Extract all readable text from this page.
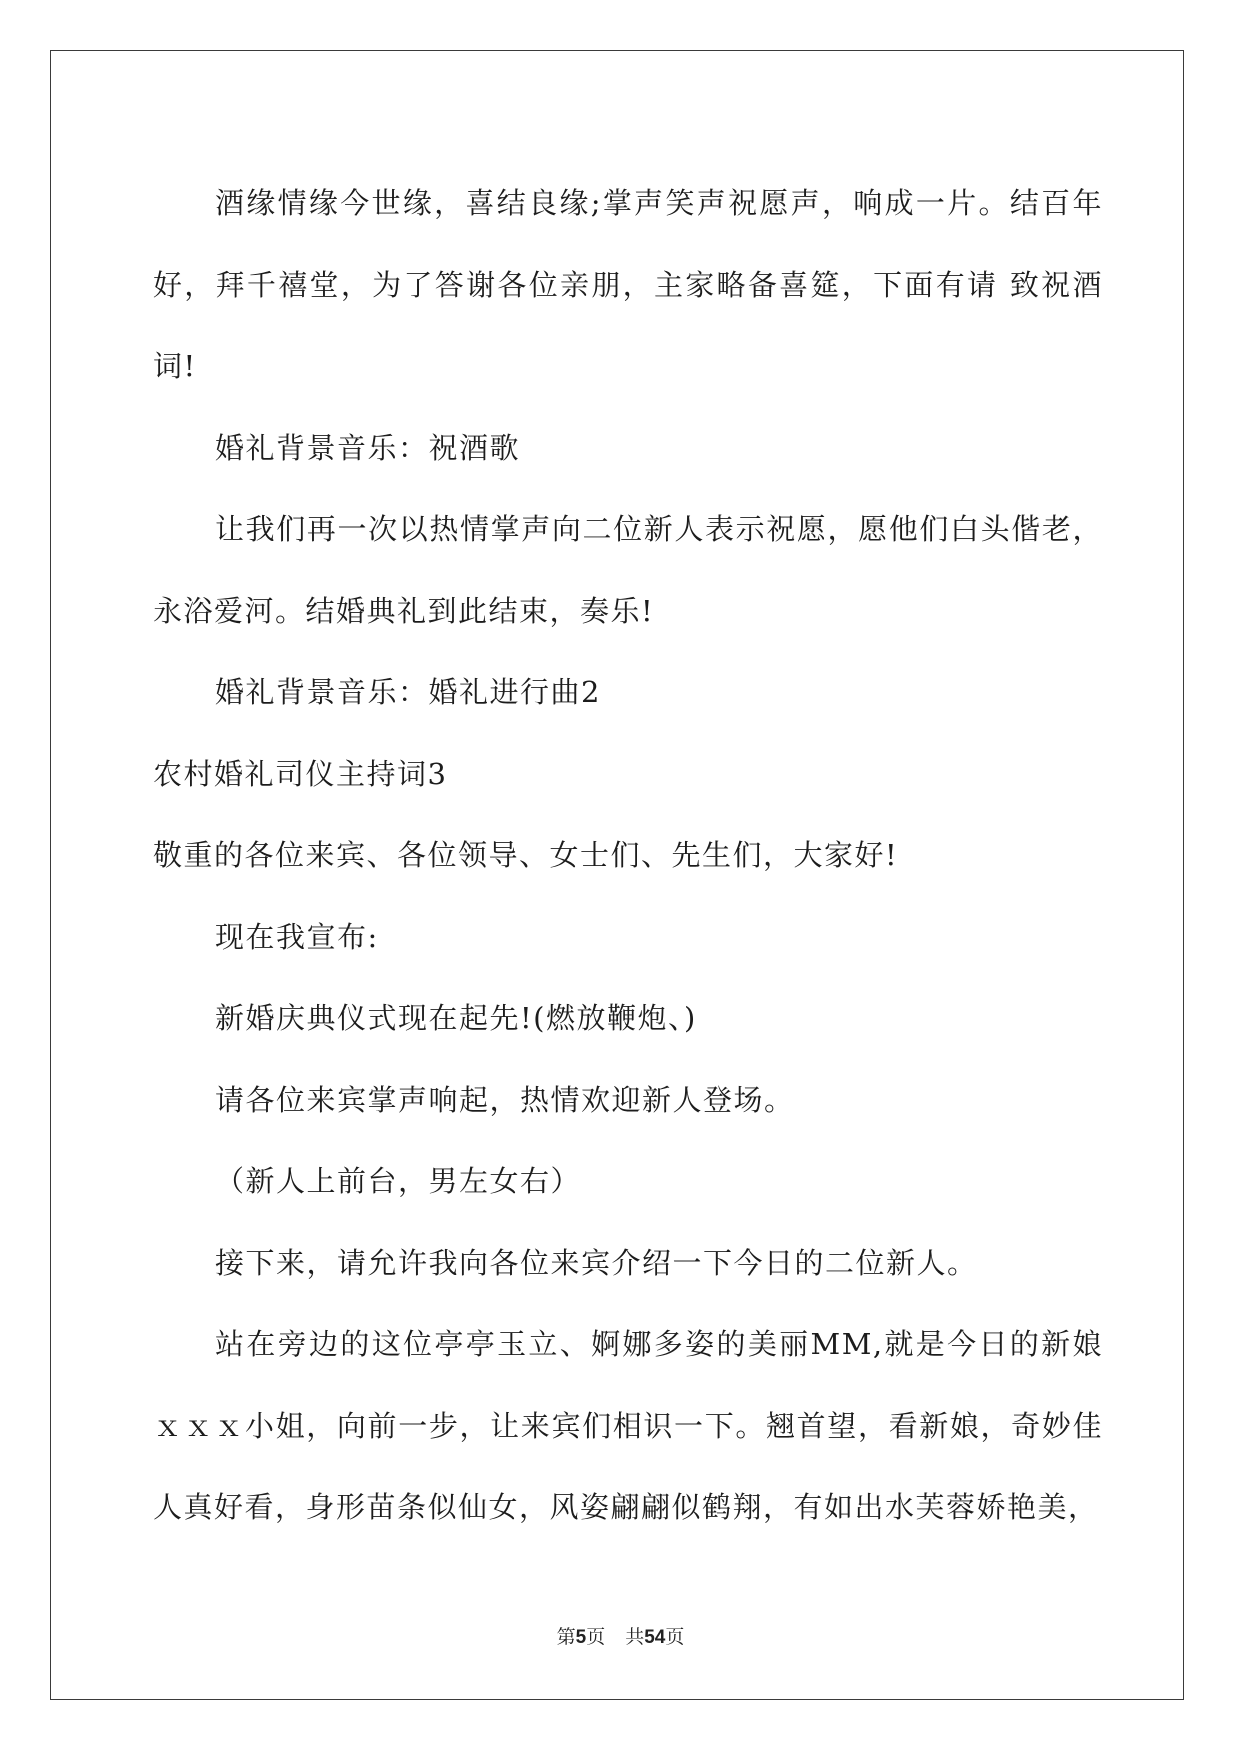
酒缘情缘今世缘，喜结良缘;掌声笑声祝愿声，响成一片。结百年好，拜千禧堂，为了答谢各位亲朋，主家略备喜筵，下面有请 致祝酒词!

婚礼背景音乐：祝酒歌

让我们再一次以热情掌声向二位新人表示祝愿，愿他们白头偕老，永浴爱河。结婚典礼到此结束，奏乐!

婚礼背景音乐：婚礼进行曲2

农村婚礼司仪主持词3

敬重的各位来宾、各位领导、女士们、先生们，大家好!

现在我宣布:

新婚庆典仪式现在起先!(燃放鞭炮、)

请各位来宾掌声响起，热情欢迎新人登场。

（新人上前台，男左女右）

接下来，请允许我向各位来宾介绍一下今日的二位新人。

站在旁边的这位亭亭玉立、婀娜多姿的美丽MM,就是今日的新娘ｘｘｘ小姐，向前一步，让来宾们相识一下。翘首望，看新娘，奇妙佳人真好看，身形苗条似仙女，风姿翩翩似鹤翔，有如出水芙蓉娇艳美，

第5页 共54页
